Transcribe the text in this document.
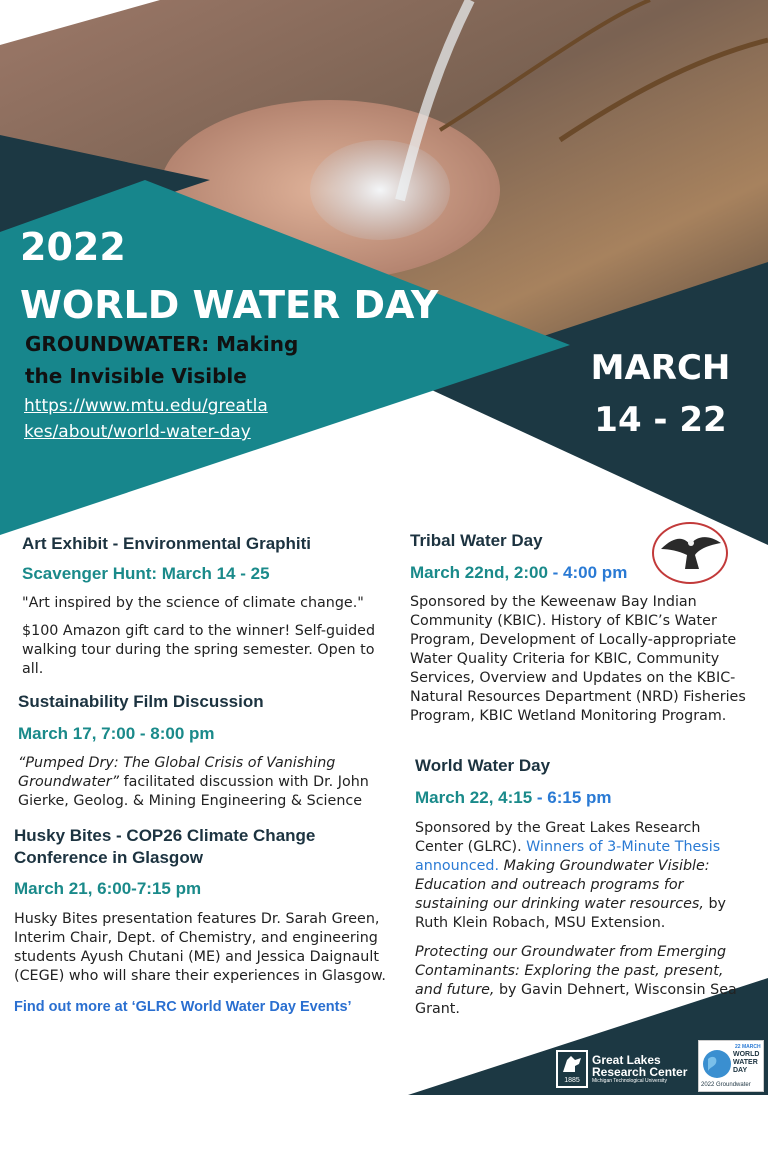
2022
WORLD WATER DAY
GROUNDWATER: Making the Invisible Visible
https://www.mtu.edu/greatlakes/about/world-water-day
MARCH
14 - 22
Art Exhibit - Environmental Graphiti
Scavenger Hunt: March 14 - 25
"Art inspired by the science of climate change."
$100 Amazon gift card to the winner! Self-guided walking tour during the spring semester. Open to all.
Sustainability Film Discussion
March 17, 7:00 - 8:00 pm
“Pumped Dry: The Global Crisis of Vanishing Groundwater” facilitated discussion with Dr. John Gierke, Geolog. & Mining Engineering & Science
Husky Bites - COP26 Climate Change Conference in Glasgow
March 21, 6:00-7:15 pm
Husky Bites presentation features Dr. Sarah Green, Interim Chair, Dept. of Chemistry, and engineering students Ayush Chutani (ME) and Jessica Daignault (CEGE) who will share their experiences in Glasgow.
Find out more at ‘GLRC World Water Day Events’
Tribal Water Day
March 22nd, 2:00 - 4:00 pm
Sponsored by the Keweenaw Bay Indian Community (KBIC). History of KBIC’s Water Program, Development of Locally-appropriate Water Quality Criteria for KBIC, Community Services, Overview and Updates on the KBIC-Natural Resources Department (NRD) Fisheries Program, KBIC Wetland Monitoring Program.
World Water Day
March 22, 4:15 - 6:15 pm
Sponsored by the Great Lakes Research Center (GLRC). Winners of 3-Minute Thesis announced. Making Groundwater Visible: Education and outreach programs for sustaining our drinking water resources, by Ruth Klein Robach, MSU Extension.
Protecting our Groundwater from Emerging Contaminants: Exploring the past, present, and future, by Gavin Dehnert, Wisconsin Sea Grant.
1885
Great Lakes
Research Center
Michigan Technological University
22 MARCH
WORLD
WATER
DAY
2022 Groundwater
